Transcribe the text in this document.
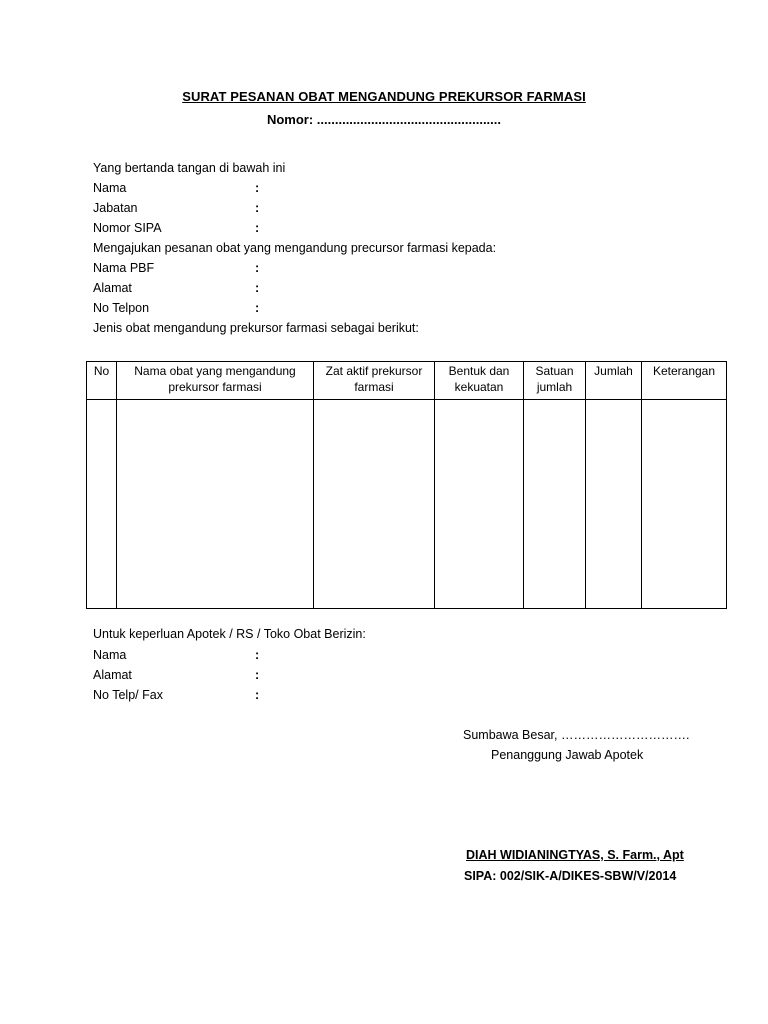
SURAT PESANAN OBAT MENGANDUNG PREKURSOR FARMASI
Nomor: ...................................................
Yang bertanda tangan di bawah ini
Nama	:
Jabatan	:
Nomor SIPA	:
Mengajukan pesanan obat yang mengandung precursor farmasi kepada:
Nama PBF	:
Alamat	:
No Telpon	:
Jenis obat mengandung prekursor farmasi sebagai berikut:
No	Nama obat yang mengandung prekursor farmasi	Zat aktif prekursor farmasi	Bentuk dan kekuatan	Satuan jumlah	Jumlah	Keterangan

Untuk keperluan Apotek / RS / Toko Obat Berizin:
Nama	:
Alamat	:
No Telp/ Fax	:
Sumbawa Besar, ………………………….
Penanggung Jawab Apotek
DIAH WIDIANINGTYAS, S. Farm., Apt
SIPA: 002/SIK-A/DIKES-SBW/V/2014
